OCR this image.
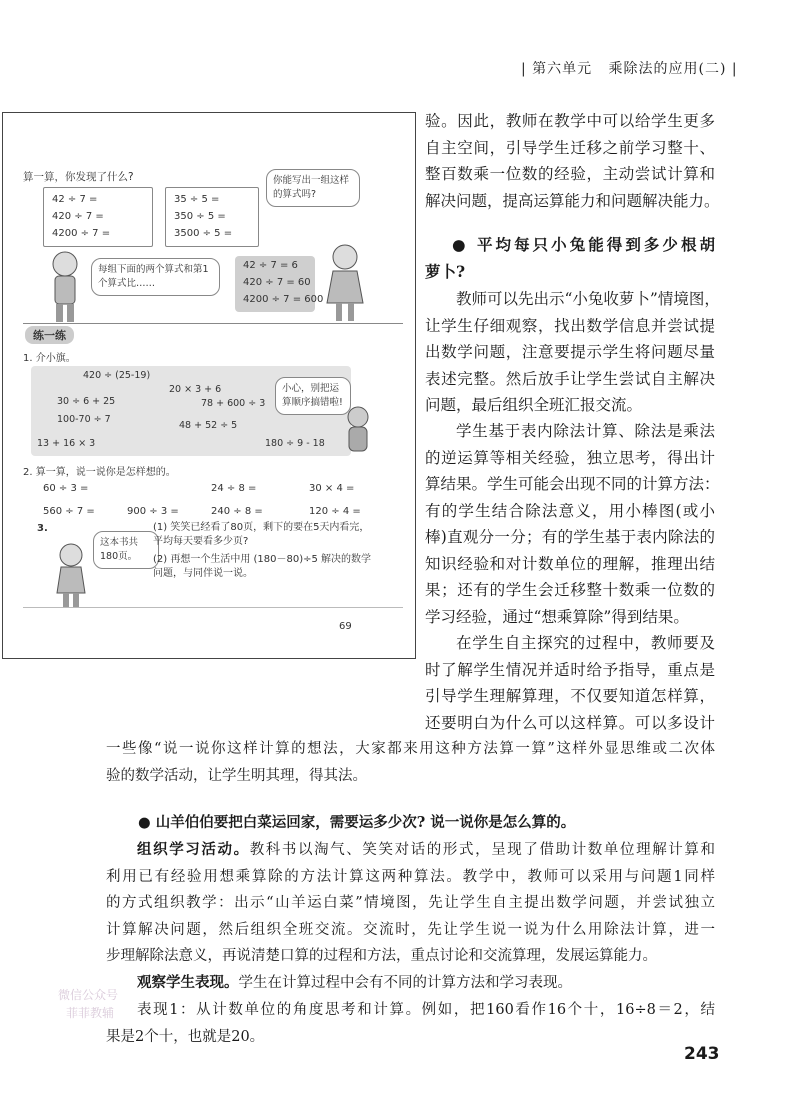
| 第六单元 乘除法的应用(二) |
算一算，你发现了什么?
42 ÷ 7 =
420 ÷ 7 =
4200 ÷ 7 =
35 ÷ 5 =
350 ÷ 5 =
3500 ÷ 5 =
你能写出一组这样的算式吗?
每组下面的两个算式和第1个算式比……
42 ÷ 7 = 6
420 ÷ 7 = 60
4200 ÷ 7 = 600
练一练
1. 介小旗。
420 ÷ (25-19)
20 × 3 + 6
30 ÷ 6 + 25	78 + 600 ÷ 3
100-70 ÷ 7
48 + 52 ÷ 5
13 + 16 × 3	180 ÷ 9 - 18
小心，别把运算顺序搞错啦!
2. 算一算，说一说你是怎样想的。
60 ÷ 3 =	24 ÷ 8 =	30 × 4 =
560 ÷ 7 =	900 ÷ 3 =	240 ÷ 8 =	120 ÷ 4 =
3.
这本书共180页。
(1) 笑笑已经看了80页，剩下的要在5天内看完，平均每天要看多少页?
(2) 再想一个生活中用 (180－80)÷5 解决的数学问题，与同伴说一说。
69
验。因此，教师在教学中可以给学生更多
自主空间，引导学生迁移之前学习整十、
整百数乘一位数的经验，主动尝试计算和
解决问题，提高运算能力和问题解决能力。
● 平均每只小兔能得到多少根胡
萝卜?
教师可以先出示“小兔收萝卜”情境图，
让学生仔细观察，找出数学信息并尝试提
出数学问题，注意要提示学生将问题尽量
表述完整。然后放手让学生尝试自主解决
问题，最后组织全班汇报交流。
学生基于表内除法计算、除法是乘法
的逆运算等相关经验，独立思考，得出计
算结果。学生可能会出现不同的计算方法：
有的学生结合除法意义，用小棒图(或小
棒)直观分一分；有的学生基于表内除法的
知识经验和对计数单位的理解，推理出结
果；还有的学生会迁移整十数乘一位数的
学习经验，通过“想乘算除”得到结果。
在学生自主探究的过程中，教师要及
时了解学生情况并适时给予指导，重点是
引导学生理解算理，不仅要知道怎样算，
还要明白为什么可以这样算。可以多设计
一些像“说一说你这样计算的想法，大家都来用这种方法算一算”这样外显思维或二次体
验的数学活动，让学生明其理，得其法。
● 山羊伯伯要把白菜运回家，需要运多少次? 说一说你是怎么算的。
组织学习活动。教科书以淘气、笑笑对话的形式，呈现了借助计数单位理解计算和
利用已有经验用想乘算除的方法计算这两种算法。教学中，教师可以采用与问题1同样
的方式组织教学：出示“山羊运白菜”情境图，先让学生自主提出数学问题，并尝试独立
计算解决问题，然后组织全班交流。交流时，先让学生说一说为什么用除法计算，进一
步理解除法意义，再说清楚口算的过程和方法，重点讨论和交流算理，发展运算能力。
观察学生表现。学生在计算过程中会有不同的计算方法和学习表现。
表现1：从计数单位的角度思考和计算。例如，把160看作16个十，16÷8＝2，结
果是2个十，也就是20。
微信公众号
菲菲教辅
243
